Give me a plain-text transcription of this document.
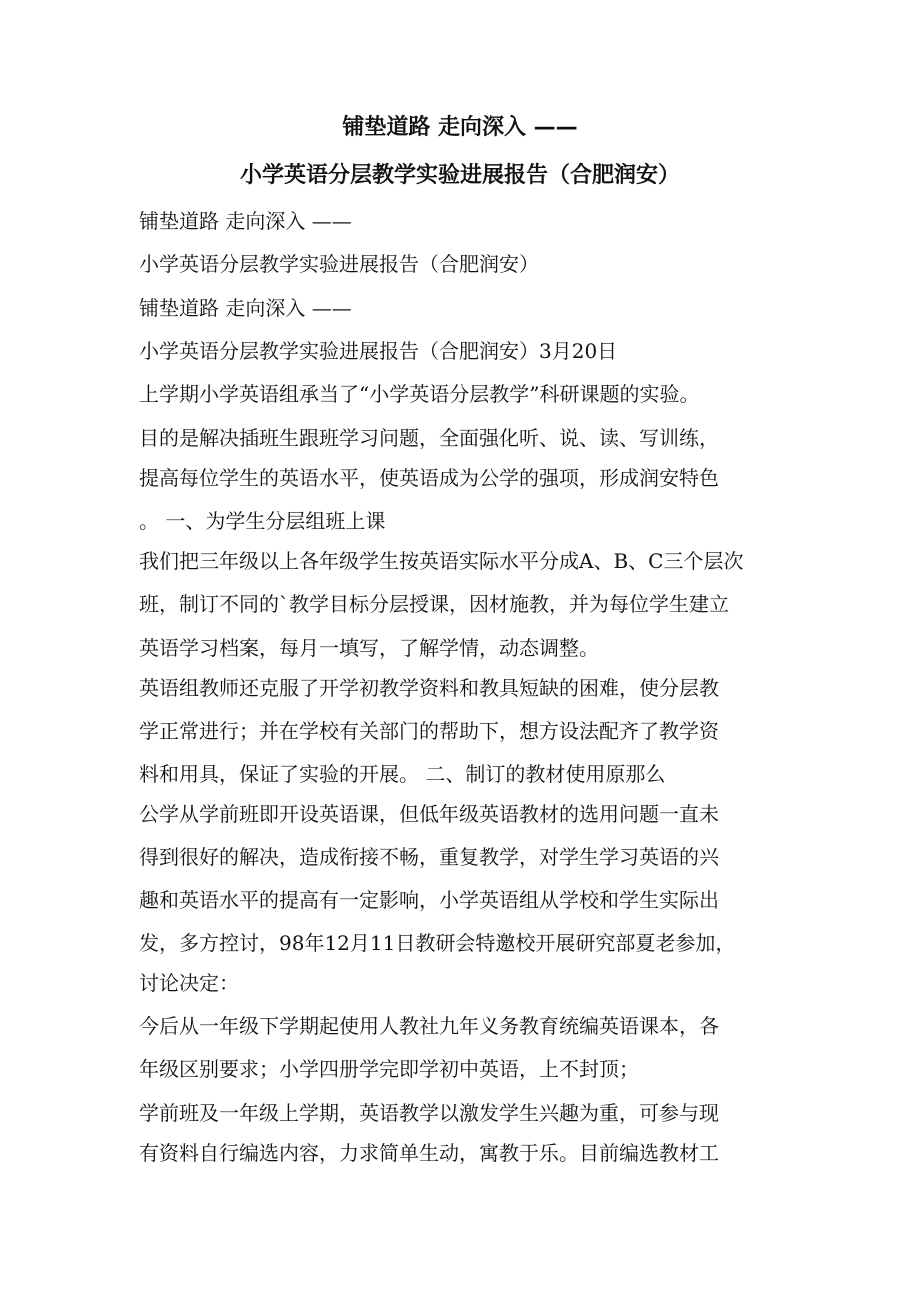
铺垫道路 走向深入 ——
小学英语分层教学实验进展报告（合肥润安）

铺垫道路 走向深入 ——

小学英语分层教学实验进展报告（合肥润安）

铺垫道路 走向深入 ——

小学英语分层教学实验进展报告（合肥润安）3月20日

上学期小学英语组承当了“小学英语分层教学”科研课题的实验。

目的是解决插班生跟班学习问题，全面强化听、说、读、写训练，

提高每位学生的英语水平，使英语成为公学的强项，形成润安特色

。 一、为学生分层组班上课

我们把三年级以上各年级学生按英语实际水平分成A、B、C三个层次

班，制订不同的`教学目标分层授课，因材施教，并为每位学生建立

英语学习档案，每月一填写，了解学情，动态调整。

英语组教师还克服了开学初教学资料和教具短缺的困难，使分层教

学正常进行；并在学校有关部门的帮助下，想方设法配齐了教学资

料和用具，保证了实验的开展。 二、制订的教材使用原那么

公学从学前班即开设英语课，但低年级英语教材的选用问题一直未

得到很好的解决，造成衔接不畅，重复教学，对学生学习英语的兴

趣和英语水平的提高有一定影响，小学英语组从学校和学生实际出

发，多方控讨，98年12月11日教研会特邀校开展研究部夏老参加，

讨论决定：

今后从一年级下学期起使用人教社九年义务教育统编英语课本，各

年级区别要求；小学四册学完即学初中英语，上不封顶；

学前班及一年级上学期，英语教学以激发学生兴趣为重，可参与现

有资料自行编选内容，力求简单生动，寓教于乐。目前编选教材工
